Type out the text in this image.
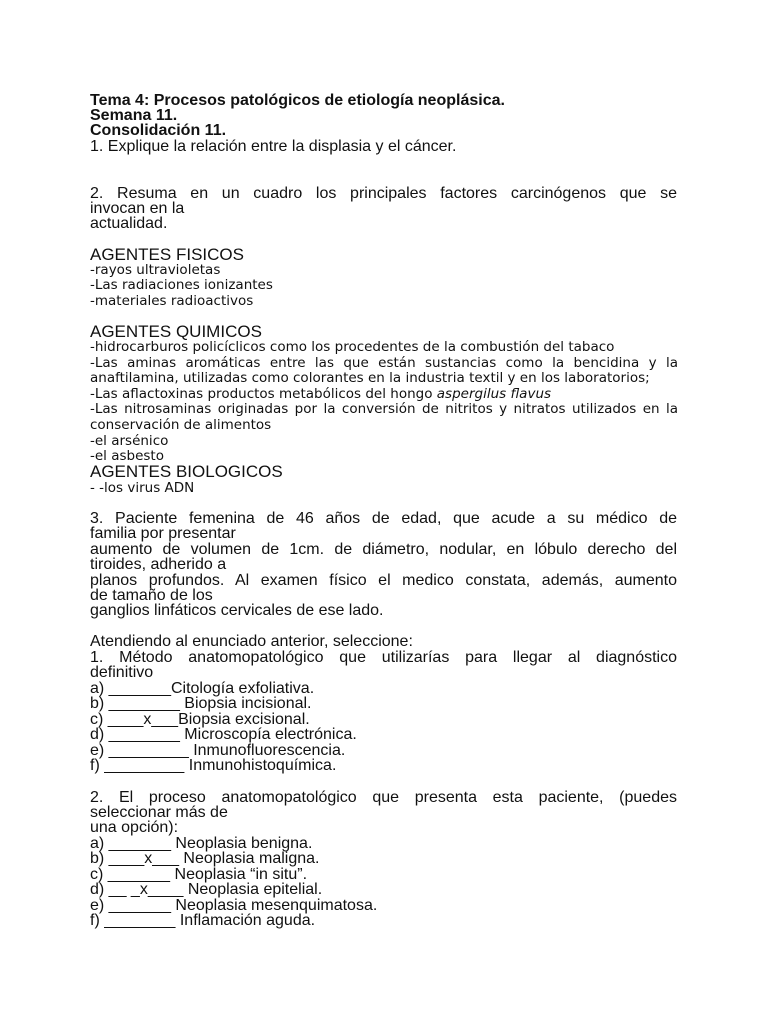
Tema 4: Procesos patológicos de etiología neoplásica.
Semana 11.
Consolidación 11.
1. Explique la relación entre la displasia y el cáncer.
2. Resuma en un cuadro los principales factores carcinógenos que se
invocan en la
actualidad.
AGENTES FISICOS
-rayos ultravioletas
-Las radiaciones ionizantes
-materiales radioactivos
AGENTES QUIMICOS
-hidrocarburos policíclicos como los procedentes de la combustión del tabaco
-Las aminas aromáticas entre las que están sustancias como la bencidina y la
anaftilamina, utilizadas como colorantes en la industria textil y en los laboratorios;
-Las aflactoxinas productos metabólicos del hongo aspergilus flavus
-Las nitrosaminas originadas por la conversión de nitritos y nitratos utilizados en la
conservación de alimentos
-el arsénico
-el asbesto
AGENTES BIOLOGICOS
- -los virus ADN
3. Paciente femenina de 46 años de edad, que acude a su médico de
familia por presentar
aumento de volumen de 1cm. de diámetro, nodular, en lóbulo derecho del
tiroides, adherido a
planos profundos. Al examen físico el medico constata, además, aumento
de tamaño de los
ganglios linfáticos cervicales de ese lado.
Atendiendo al enunciado anterior, seleccione:
1. Método anatomopatológico que utilizarías para llegar al diagnóstico
definitivo
a) _______Citología exfoliativa.
b) ________ Biopsia incisional.
c) ____x___Biopsia excisional.
d) ________ Microscopía electrónica.
e) _________ Inmunofluorescencia.
f) _________ Inmunohistoquímica.
2. El proceso anatomopatológico que presenta esta paciente, (puedes
seleccionar más de
una opción):
a) _______ Neoplasia benigna.
b) ____x___ Neoplasia maligna.
c) _______ Neoplasia “in situ”.
d) __ _x____ Neoplasia epitelial.
e) _______ Neoplasia mesenquimatosa.
f) ________ Inflamación aguda.
